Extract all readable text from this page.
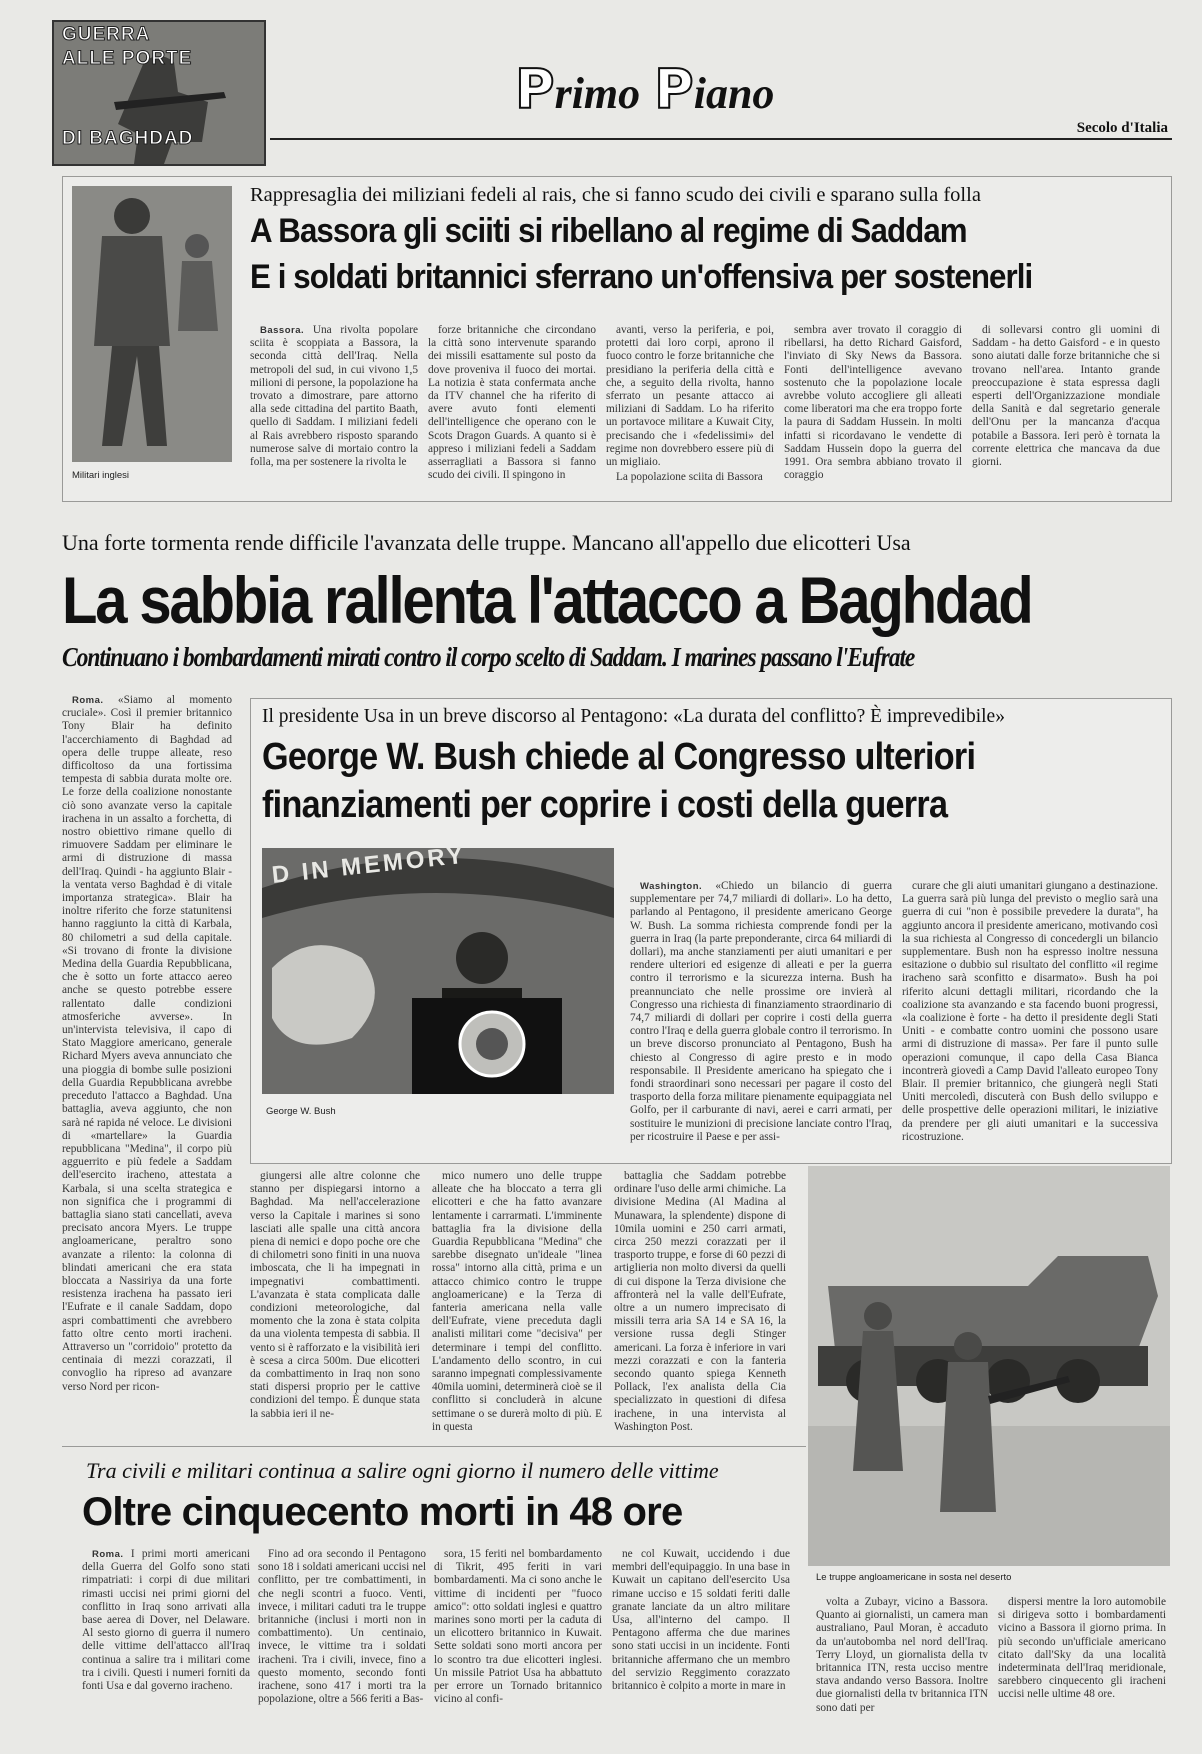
GUERRA
ALLE PORTE
DI BAGHDAD
Primo Piano
Secolo d'Italia
Militari inglesi
Rappresaglia dei miliziani fedeli al rais, che si fanno scudo dei civili e sparano sulla folla
A Bassora gli sciiti si ribellano al regime di Saddam
E i soldati britannici sferrano un'offensiva per sostenerli

Bassora. Una rivolta popolare sciita è scoppiata a Bassora, la seconda città dell'Iraq. Nella metropoli del sud, in cui vivono 1,5 milioni di persone, la popolazione ha trovato a dimostrare, pare attorno alla sede cittadina del partito Baath, quello di Saddam. I miliziani fedeli al Rais avrebbero risposto sparando numerose salve di mortaio contro la folla, ma per sostenere la rivolta le

forze britanniche che circondano la città sono intervenute sparando dei missili esattamente sul posto da dove proveniva il fuoco dei mortai. La notizia è stata confermata anche da ITV channel che ha riferito di avere avuto fonti elementi dell'intelligence che operano con le Scots Dragon Guards. A quanto si è appreso i miliziani fedeli a Saddam asserragliati a Bassora si fanno scudo dei civili. Il spingono in

avanti, verso la periferia, e poi, protetti dai loro corpi, aprono il fuoco contro le forze britanniche che presidiano la periferia della città e che, a seguito della rivolta, hanno sferrato un pesante attacco ai miliziani di Saddam. Lo ha riferito un portavoce militare a Kuwait City, precisando che i «fedelissimi» del regime non dovrebbero essere più di un migliaio.

La popolazione sciita di Bassora

sembra aver trovato il coraggio di ribellarsi, ha detto Richard Gaisford, l'inviato di Sky News da Bassora. Fonti dell'intelligence avevano sostenuto che la popolazione locale avrebbe voluto accogliere gli alleati come liberatori ma che era troppo forte la paura di Saddam Hussein. In molti infatti si ricordavano le vendette di Saddam Hussein dopo la guerra del 1991. Ora sembra abbiano trovato il coraggio

di sollevarsi contro gli uomini di Saddam - ha detto Gaisford - e in questo sono aiutati dalle forze britanniche che si trovano nell'area. Intanto grande preoccupazione è stata espressa dagli esperti dell'Organizzazione mondiale della Sanità e dal segretario generale dell'Onu per la mancanza d'acqua potabile a Bassora. Ieri però è tornata la corrente elettrica che mancava da due giorni.

Una forte tormenta rende difficile l'avanzata delle truppe. Mancano all'appello due elicotteri Usa
La sabbia rallenta l'attacco a Baghdad
Continuano i bombardamenti mirati contro il corpo scelto di Saddam. I marines passano l'Eufrate

Roma. «Siamo al momento cruciale». Così il premier britannico Tony Blair ha definito l'accerchiamento di Baghdad ad opera delle truppe alleate, reso difficoltoso da una fortissima tempesta di sabbia durata molte ore. Le forze della coalizione nonostante ciò sono avanzate verso la capitale irachena in un assalto a forchetta, di nostro obiettivo rimane quello di rimuovere Saddam per eliminare le armi di distruzione di massa dell'Iraq. Quindi - ha aggiunto Blair - la ventata verso Baghdad è di vitale importanza strategica». Blair ha inoltre riferito che forze statunitensi hanno raggiunto la città di Karbala, 80 chilometri a sud della capitale. «Si trovano di fronte la divisione Medina della Guardia Repubblicana, che è sotto un forte attacco aereo anche se questo potrebbe essere rallentato dalle condizioni atmosferiche avverse». In un'intervista televisiva, il capo di Stato Maggiore americano, generale Richard Myers aveva annunciato che una pioggia di bombe sulle posizioni della Guardia Repubblicana avrebbe preceduto l'attacco a Baghdad. Una battaglia, aveva aggiunto, che non sarà né rapida né veloce. Le divisioni di «martellare» la Guardia repubblicana "Medina", il corpo più agguerrito e più fedele a Saddam dell'esercito iracheno, attestata a Karbala, si una scelta strategica e non significa che i programmi di battaglia siano stati cancellati, aveva precisato ancora Myers. Le truppe angloamericane, peraltro sono avanzate a rilento: la colonna di blindati americani che era stata bloccata a Nassiriya da una forte resistenza irachena ha passato ieri l'Eufrate e il canale Saddam, dopo aspri combattimenti che avrebbero fatto oltre cento morti iracheni. Attraverso un "corridoio" protetto da centinaia di mezzi corazzati, il convoglio ha ripreso ad avanzare verso Nord per ricon-

Il presidente Usa in un breve discorso al Pentagono: «La durata del conflitto? È imprevedibile»
George W. Bush chiede al Congresso ulteriori
finanziamenti per coprire i costi della guerra
D IN MEMORY
George W. Bush

Washington. «Chiedo un bilancio di guerra supplementare per 74,7 miliardi di dollari». Lo ha detto, parlando al Pentagono, il presidente americano George W. Bush. La somma richiesta comprende fondi per la guerra in Iraq (la parte preponderante, circa 64 miliardi di dollari), ma anche stanziamenti per aiuti umanitari e per rendere ulteriori ed esigenze di alleati e per la guerra contro il terrorismo e la sicurezza interna. Bush ha preannunciato che nelle prossime ore invierà al Congresso una richiesta di finanziamento straordinario di 74,7 miliardi di dollari per coprire i costi della guerra contro l'Iraq e della guerra globale contro il terrorismo. In un breve discorso pronunciato al Pentagono, Bush ha chiesto al Congresso di agire presto e in modo responsabile. Il Presidente americano ha spiegato che i fondi straordinari sono necessari per pagare il costo del trasporto della forza militare pienamente equipaggiata nel Golfo, per il carburante di navi, aerei e carri armati, per sostituire le munizioni di precisione lanciate contro l'Iraq, per ricostruire il Paese e per assi-

curare che gli aiuti umanitari giungano a destinazione. La guerra sarà più lunga del previsto o meglio sarà una guerra di cui "non è possibile prevedere la durata", ha aggiunto ancora il presidente americano, motivando così la sua richiesta al Congresso di concedergli un bilancio supplementare. Bush non ha espresso inoltre nessuna esitazione o dubbio sul risultato del conflitto «il regime iracheno sarà sconfitto e disarmato». Bush ha poi riferito alcuni dettagli militari, ricordando che la coalizione sta avanzando e sta facendo buoni progressi, «la coalizione è forte - ha detto il presidente degli Stati Uniti - e combatte contro uomini che possono usare armi di distruzione di massa». Per fare il punto sulle operazioni comunque, il capo della Casa Bianca incontrerà giovedì a Camp David l'alleato europeo Tony Blair. Il premier britannico, che giungerà negli Stati Uniti mercoledì, discuterà con Bush dello sviluppo e delle prospettive delle operazioni militari, le iniziative da prendere per gli aiuti umanitari e la successiva ricostruzione.

giungersi alle altre colonne che stanno per dispiegarsi intorno a Baghdad. Ma nell'accelerazione verso la Capitale i marines si sono lasciati alle spalle una città ancora piena di nemici e dopo poche ore che di chilometri sono finiti in una nuova imboscata, che li ha impegnati in impegnativi combattimenti. L'avanzata è stata complicata dalle condizioni meteorologiche, dal momento che la zona è stata colpita da una violenta tempesta di sabbia. Il vento si è rafforzato e la visibilità ieri è scesa a circa 500m. Due elicotteri da combattimento in Iraq non sono stati dispersi proprio per le cattive condizioni del tempo. È dunque stata la sabbia ieri il ne-

mico numero uno delle truppe alleate che ha bloccato a terra gli elicotteri e che ha fatto avanzare lentamente i carrarmati. L'imminente battaglia fra la divisione della Guardia Repubblicana "Medina" che sarebbe disegnato un'ideale "linea rossa" intorno alla città, prima e un attacco chimico contro le truppe angloamericane) e la Terza di fanteria americana nella valle dell'Eufrate, viene preceduta dagli analisti militari come "decisiva" per determinare i tempi del conflitto. L'andamento dello scontro, in cui saranno impegnati complessivamente 40mila uomini, determinerà cioè se il conflitto si concluderà in alcune settimane o se durerà molto di più. E in questa

battaglia che Saddam potrebbe ordinare l'uso delle armi chimiche. La divisione Medina (Al Madina al Munawara, la splendente) dispone di 10mila uomini e 250 carri armati, circa 250 mezzi corazzati per il trasporto truppe, e forse di 60 pezzi di artiglieria non molto diversi da quelli di cui dispone la Terza divisione che affronterà nel la valle dell'Eufrate, oltre a un numero imprecisato di missili terra aria SA 14 e SA 16, la versione russa degli Stinger americani. La forza è inferiore in vari mezzi corazzati e con la fanteria secondo quanto spiega Kenneth Pollack, l'ex analista della Cia specializzato in questioni di difesa irachene, in una intervista al Washington Post.

Le truppe angloamericane in sosta nel deserto
Tra civili e militari continua a salire ogni giorno il numero delle vittime
Oltre cinquecento morti in 48 ore

Roma. I primi morti americani della Guerra del Golfo sono stati rimpatriati: i corpi di due militari rimasti uccisi nei primi giorni del conflitto in Iraq sono arrivati alla base aerea di Dover, nel Delaware. Al sesto giorno di guerra il numero delle vittime dell'attacco all'Iraq continua a salire tra i militari come tra i civili. Questi i numeri forniti da fonti Usa e dal governo iracheno.

Fino ad ora secondo il Pentagono sono 18 i soldati americani uccisi nel conflitto, per tre combattimenti, in che negli scontri a fuoco. Venti, invece, i militari caduti tra le truppe britanniche (inclusi i morti non in combattimento). Un centinaio, invece, le vittime tra i soldati iracheni. Tra i civili, invece, fino a questo momento, secondo fonti irachene, sono 417 i morti tra la popolazione, oltre a 566 feriti a Bas-

sora, 15 feriti nel bombardamento di Tikrit, 495 feriti in vari bombardamenti. Ma ci sono anche le vittime di incidenti per "fuoco amico": otto soldati inglesi e quattro marines sono morti per la caduta di un elicottero britannico in Kuwait. Sette soldati sono morti ancora per lo scontro tra due elicotteri inglesi. Un missile Patriot Usa ha abbattuto per errore un Tornado britannico vicino al confi-

ne col Kuwait, uccidendo i due membri dell'equipaggio. In una base in Kuwait un capitano dell'esercito Usa rimane ucciso e 15 soldati feriti dalle granate lanciate da un altro militare Usa, all'interno del campo. Il Pentagono afferma che due marines sono stati uccisi in un incidente. Fonti britanniche affermano che un membro del servizio Reggimento corazzato britannico è colpito a morte in mare in

volta a Zubayr, vicino a Bassora. Quanto ai giornalisti, un camera man australiano, Paul Moran, è accaduto da un'autobomba nel nord dell'Iraq. Terry Lloyd, un giornalista della tv britannica ITN, resta ucciso mentre stava andando verso Bassora. Inoltre due giornalisti della tv britannica ITN sono dati per

dispersi mentre la loro automobile si dirigeva sotto i bombardamenti vicino a Bassora il giorno prima. In più secondo un'ufficiale americano citato dall'Sky da una località indeterminata dell'Iraq meridionale, sarebbero cinquecento gli iracheni uccisi nelle ultime 48 ore.
